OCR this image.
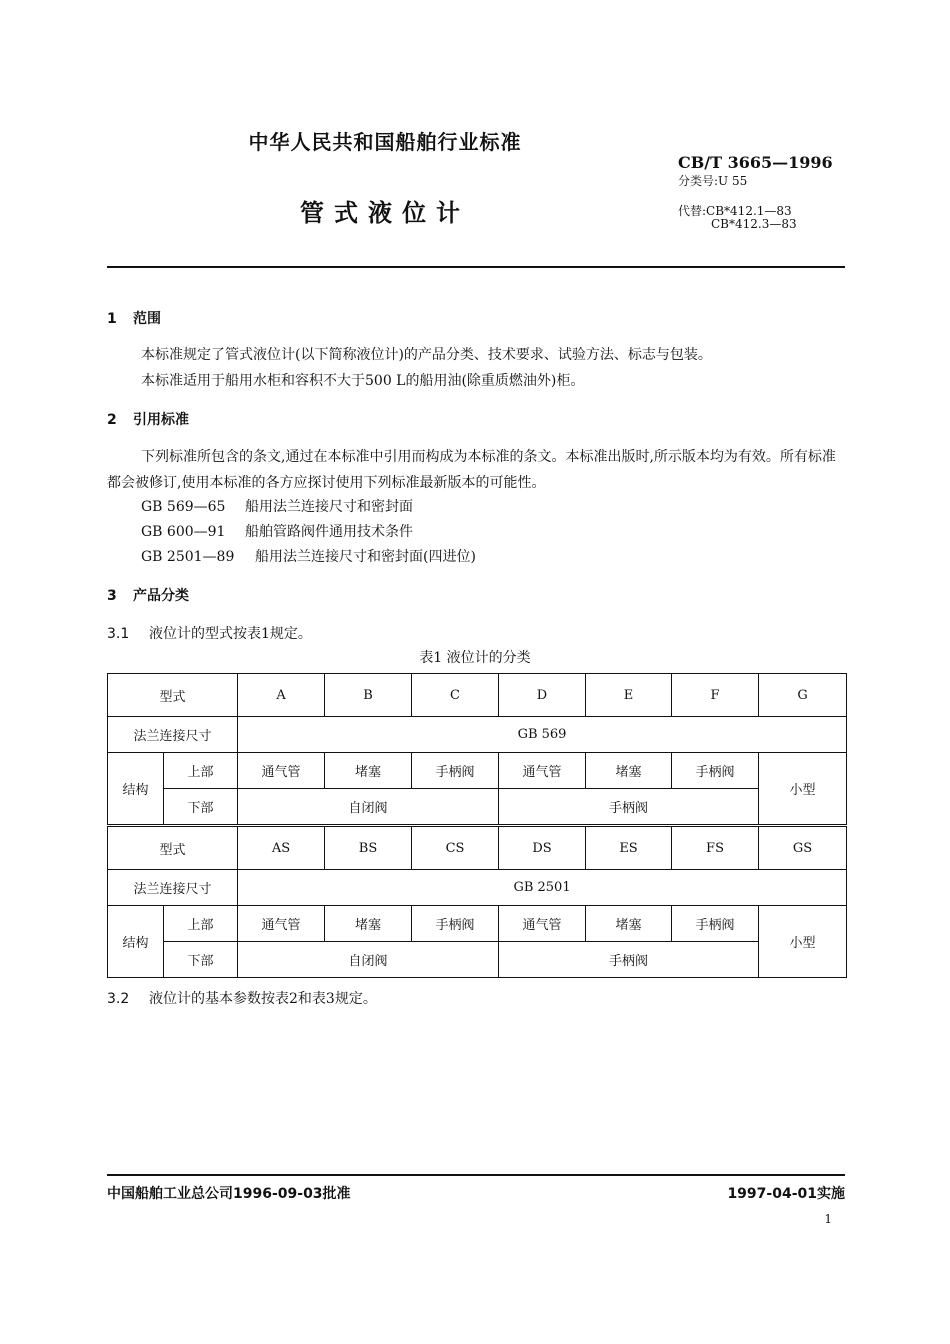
中华人民共和国船舶行业标准
管式液位计
CB/T 3665—1996
分类号:U 55
代替:CB*412.1—83
CB*412.3—83
1 范围
本标准规定了管式液位计(以下简称液位计)的产品分类、技术要求、试验方法、标志与包装。
本标准适用于船用水柜和容积不大于500 L的船用油(除重质燃油外)柜。
2 引用标准
下列标准所包含的条文,通过在本标准中引用而构成为本标准的条文。本标准出版时,所示版本均为有效。所有标准都会被修订,使用本标准的各方应探讨使用下列标准最新版本的可能性。
GB 569—65 船用法兰连接尺寸和密封面
GB 600—91 船舶管路阀件通用技术条件
GB 2501—89 船用法兰连接尺寸和密封面(四进位)
3 产品分类
3.1 液位计的型式按表1规定。
表1 液位计的分类
型式		A	B	C	D	E	F	G
法兰连接尺寸		GB 569						
结构	上部	通气管	堵塞	手柄阀	通气管	堵塞	手柄阀	小型
	下部	自闭阀			手柄阀			
型式		AS	BS	CS	DS	ES	FS	GS
法兰连接尺寸		GB 2501						
结构	上部	通气管	堵塞	手柄阀	通气管	堵塞	手柄阀	小型
	下部	自闭阀			手柄阀			
3.2 液位计的基本参数按表2和表3规定。
中国船舶工业总公司1996-09-03批准	1997-04-01实施
1
